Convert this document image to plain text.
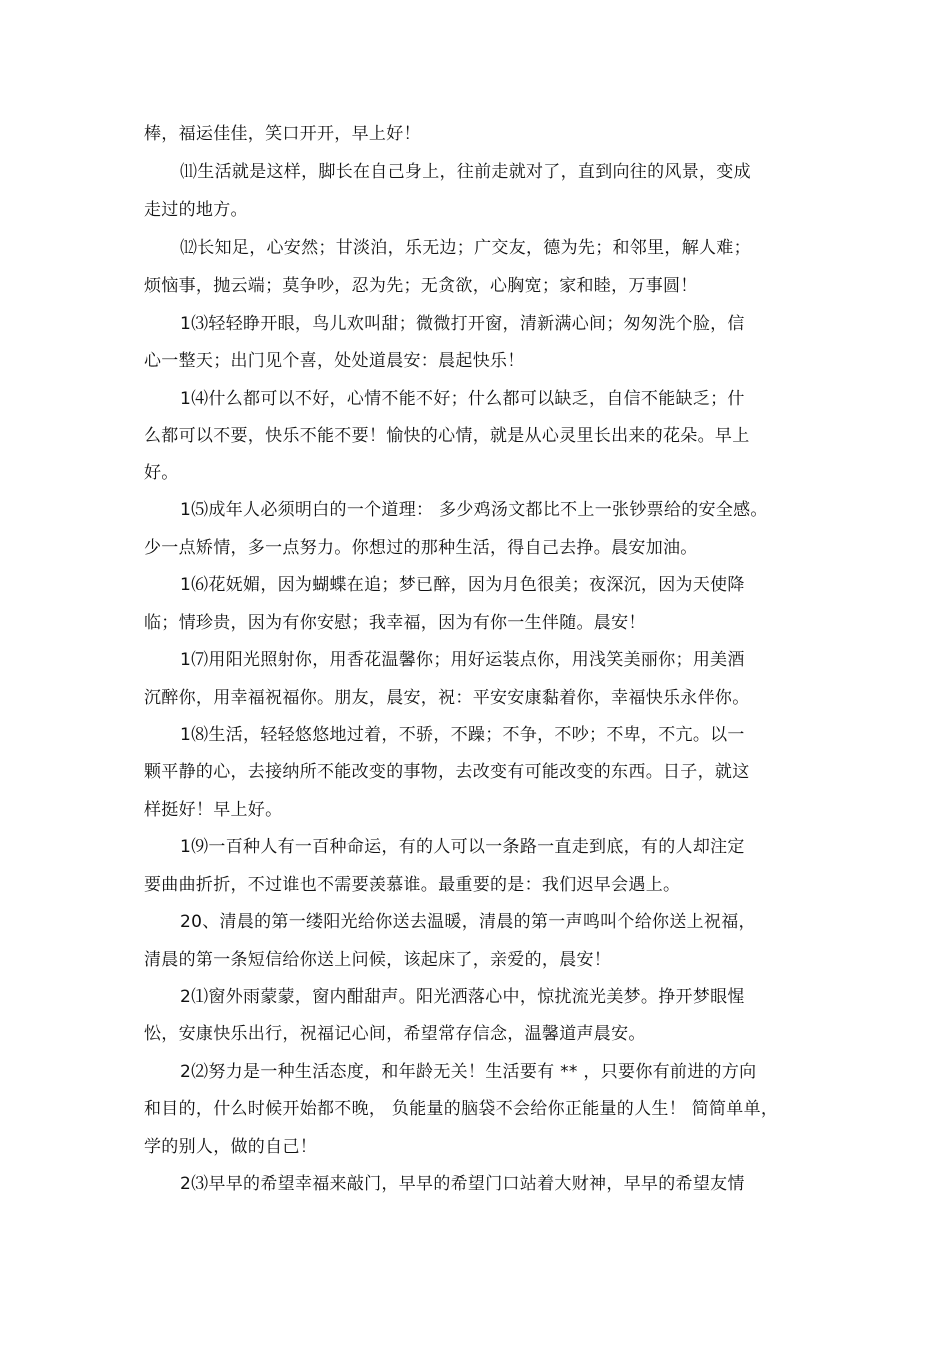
棒，福运佳佳，笑口开开，早上好！
⑾生活就是这样，脚长在自己身上，往前走就对了，直到向往的风景，变成
走过的地方。
⑿长知足，心安然；甘淡泊，乐无边；广交友，德为先；和邻里，解人难；
烦恼事，抛云端；莫争吵，忍为先；无贪欲，心胸宽；家和睦，万事圆！
1⑶轻轻睁开眼，鸟儿欢叫甜；微微打开窗，清新满心间；匆匆洗个脸，信
心一整天；出门见个喜，处处道晨安：晨起快乐！
1⑷什么都可以不好，心情不能不好；什么都可以缺乏，自信不能缺乏；什
么都可以不要，快乐不能不要！愉快的心情，就是从心灵里长出来的花朵。早上
好。
1⑸成年人必须明白的一个道理： 多少鸡汤文都比不上一张钞票给的安全感。
少一点矫情，多一点努力。你想过的那种生活，得自己去挣。晨安加油。
1⑹花妩媚，因为蝴蝶在追；梦已醉，因为月色很美；夜深沉，因为天使降
临；情珍贵，因为有你安慰；我幸福，因为有你一生伴随。晨安！
1⑺用阳光照射你，用香花温馨你；用好运装点你，用浅笑美丽你；用美酒
沉醉你，用幸福祝福你。朋友，晨安，祝：平安安康黏着你，幸福快乐永伴你。
1⑻生活，轻轻悠悠地过着，不骄，不躁；不争，不吵；不卑，不亢。以一
颗平静的心，去接纳所不能改变的事物，去改变有可能改变的东西。日子，就这
样挺好！早上好。
1⑼一百种人有一百种命运，有的人可以一条路一直走到底，有的人却注定
要曲曲折折，不过谁也不需要羡慕谁。最重要的是：我们迟早会遇上。
20、清晨的第一缕阳光给你送去温暖，清晨的第一声鸣叫个给你送上祝福，
清晨的第一条短信给你送上问候，该起床了，亲爱的，晨安！
2⑴窗外雨蒙蒙，窗内酣甜声。阳光洒落心中，惊扰流光美梦。挣开梦眼惺
忪，安康快乐出行，祝福记心间，希望常存信念，温馨道声晨安。
2⑵努力是一种生活态度，和年龄无关！生活要有 ** ，只要你有前进的方向
和目的，什么时候开始都不晚， 负能量的脑袋不会给你正能量的人生！ 简简单单，
学的别人，做的自己！
2⑶早早的希望幸福来敲门，早早的希望门口站着大财神，早早的希望友情
